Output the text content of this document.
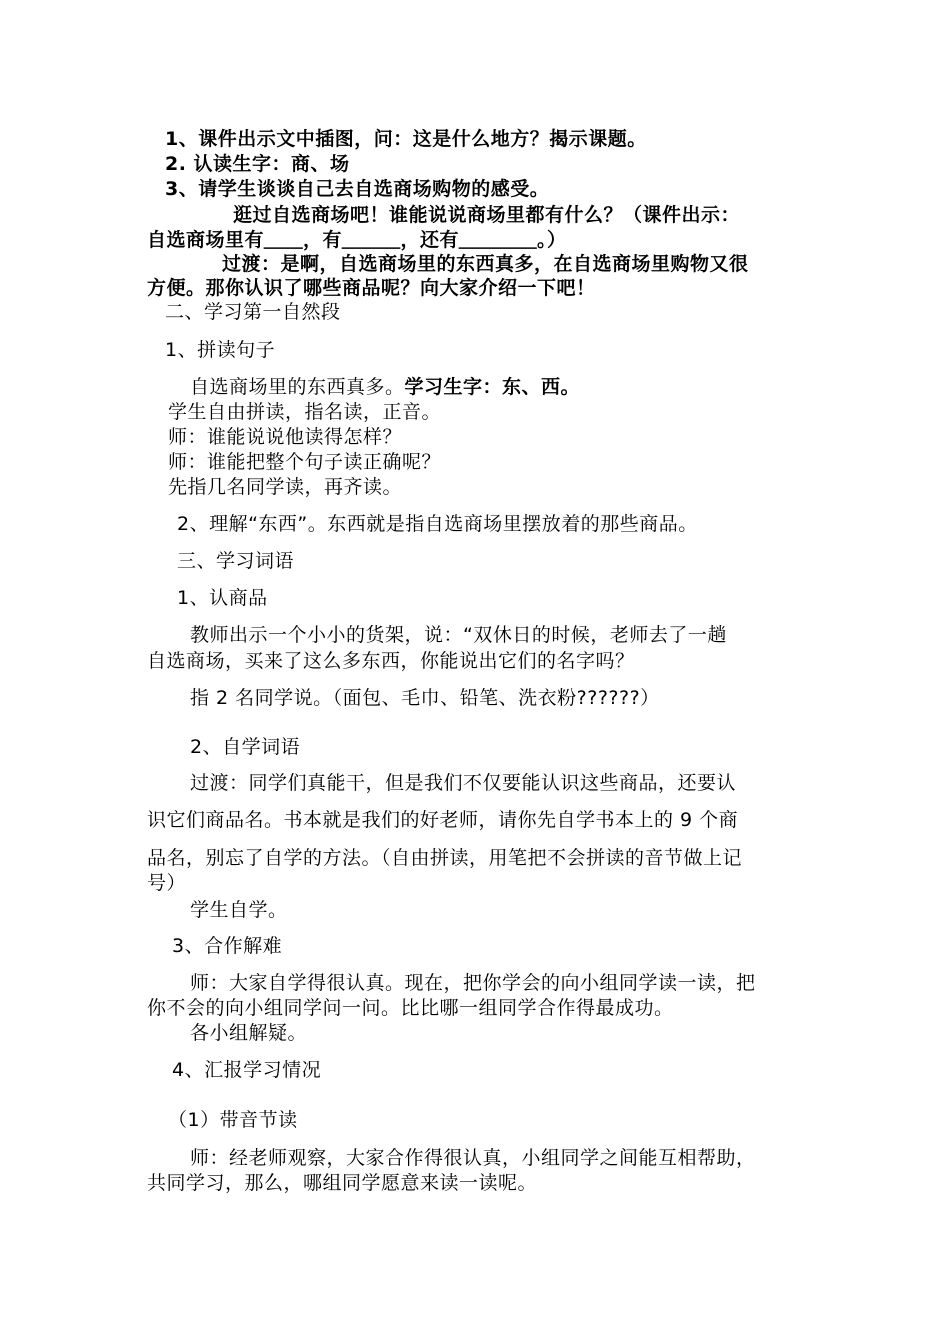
1、课件出示文中插图，问：这是什么地方？揭示课题。
2. 认读生字：商、场
3、请学生谈谈自己去自选商场购物的感受。
逛过自选商场吧！谁能说说商场里都有什么？（课件出示：
自选商场里有＿＿，有＿＿＿，还有＿＿＿＿。）
过渡：是啊，自选商场里的东西真多，在自选商场里购物又很
方便。那你认识了哪些商品呢？向大家介绍一下吧！
二、学习第一自然段
1、拼读句子
自选商场里的东西真多。学习生字：东、西。
学生自由拼读，指名读，正音。
师：谁能说说他读得怎样？
师：谁能把整个句子读正确呢？
先指几名同学读，再齐读。
2、理解“东西”。东西就是指自选商场里摆放着的那些商品。
三、学习词语
1、认商品
教师出示一个小小的货架，说：“双休日的时候，老师去了一趟
自选商场，买来了这么多东西，你能说出它们的名字吗？
指 2 名同学说。（面包、毛巾、铅笔、洗衣粉??????）
2、自学词语
过渡：同学们真能干，但是我们不仅要能认识这些商品，还要认
识它们商品名。书本就是我们的好老师，请你先自学书本上的 9 个商
品名，别忘了自学的方法。（自由拼读，用笔把不会拼读的音节做上记
号）
学生自学。
3、合作解难
师：大家自学得很认真。现在，把你学会的向小组同学读一读，把
你不会的向小组同学问一问。比比哪一组同学合作得最成功。
各小组解疑。
4、汇报学习情况
（1）带音节读
师：经老师观察，大家合作得很认真，小组同学之间能互相帮助，
共同学习，那么，哪组同学愿意来读一读呢。
